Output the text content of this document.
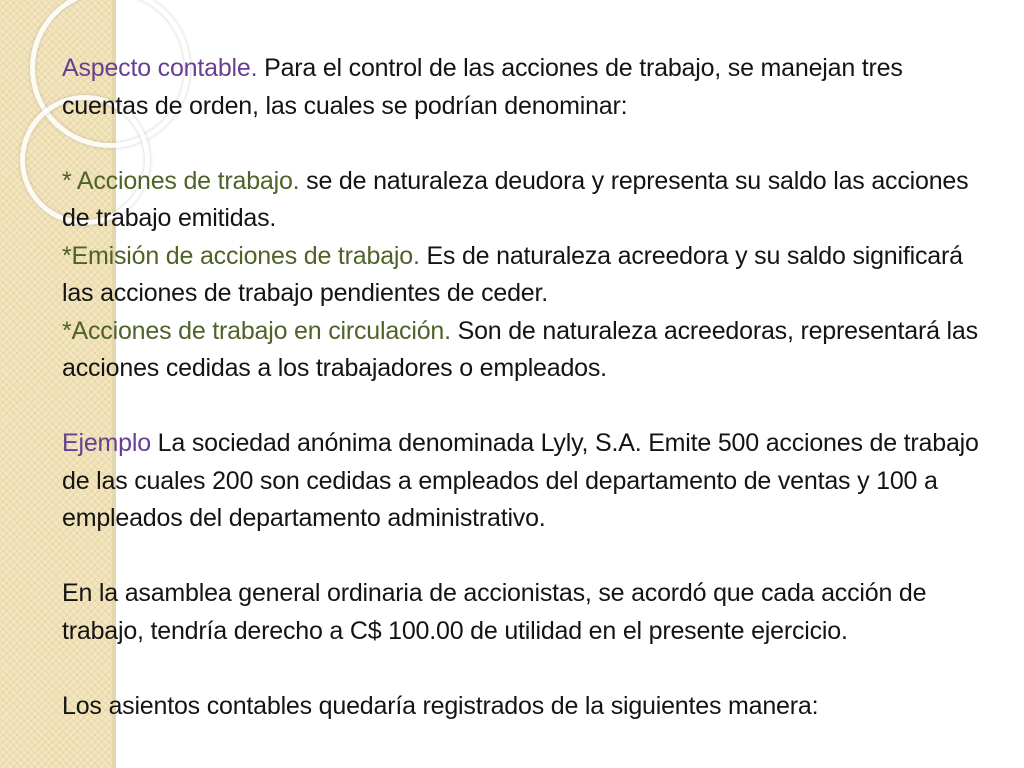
Aspecto contable. Para el control de las acciones de trabajo, se manejan tres cuentas de orden, las cuales se podrían denominar:

* Acciones de trabajo. se de naturaleza deudora y representa su saldo las acciones de trabajo emitidas.

*Emisión de acciones de trabajo. Es de naturaleza acreedora y su saldo significará las acciones de trabajo pendientes de ceder.

*Acciones de trabajo en circulación. Son de naturaleza acreedoras, representará las acciones cedidas a los trabajadores o empleados.

Ejemplo La sociedad anónima denominada Lyly, S.A. Emite 500 acciones de trabajo de las cuales 200 son cedidas a empleados del departamento de ventas y 100 a empleados del departamento administrativo.

En la asamblea general ordinaria de accionistas, se acordó que cada acción de trabajo, tendría derecho a C$ 100.00 de utilidad en el presente ejercicio.

Los asientos contables quedaría registrados de la siguientes manera:
